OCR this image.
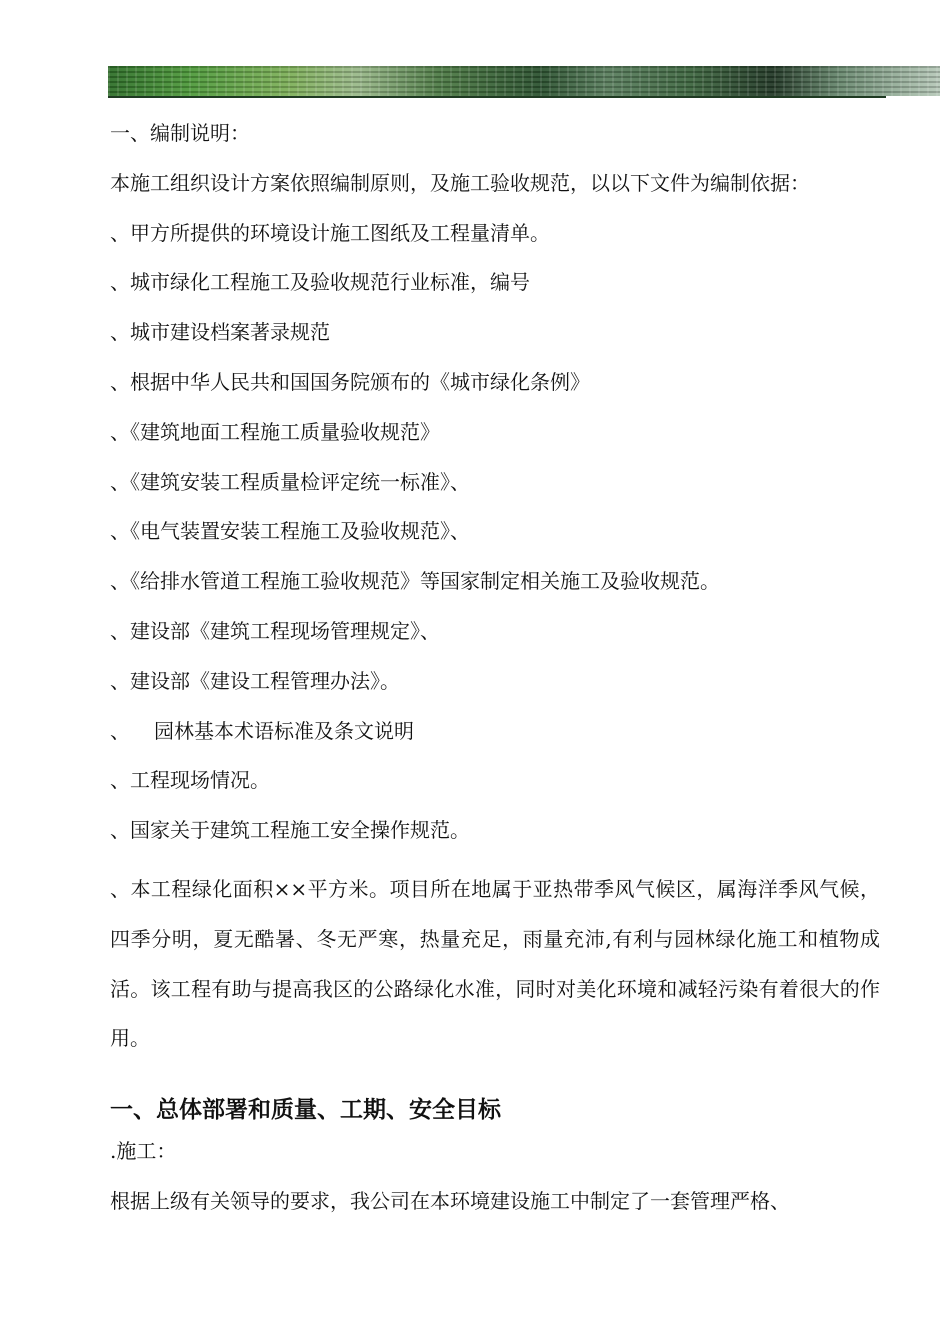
一、编制说明：
本施工组织设计方案依照编制原则，及施工验收规范，以以下文件为编制依据：
、甲方所提供的环境设计施工图纸及工程量清单。
、城市绿化工程施工及验收规范行业标准，编号
、城市建设档案著录规范
、根据中华人民共和国国务院颁布的《城市绿化条例》
、《建筑地面工程施工质量验收规范》
、《建筑安装工程质量检评定统一标准》、
、《电气装置安装工程施工及验收规范》、
、《给排水管道工程施工验收规范》等国家制定相关施工及验收规范。
、建设部《建筑工程现场管理规定》、
、建设部《建设工程管理办法》。
、 园林基本术语标准及条文说明
、工程现场情况。
、国家关于建筑工程施工安全操作规范。
、本工程绿化面积××平方米。项目所在地属于亚热带季风气候区，属海洋季风气候，四季分明，夏无酷暑、冬无严寒，热量充足，雨量充沛,有利与园林绿化施工和植物成活。该工程有助与提高我区的公路绿化水准，同时对美化环境和减轻污染有着很大的作用。
一、总体部署和质量、工期、安全目标
.施工：
根据上级有关领导的要求，我公司在本环境建设施工中制定了一套管理严格、
